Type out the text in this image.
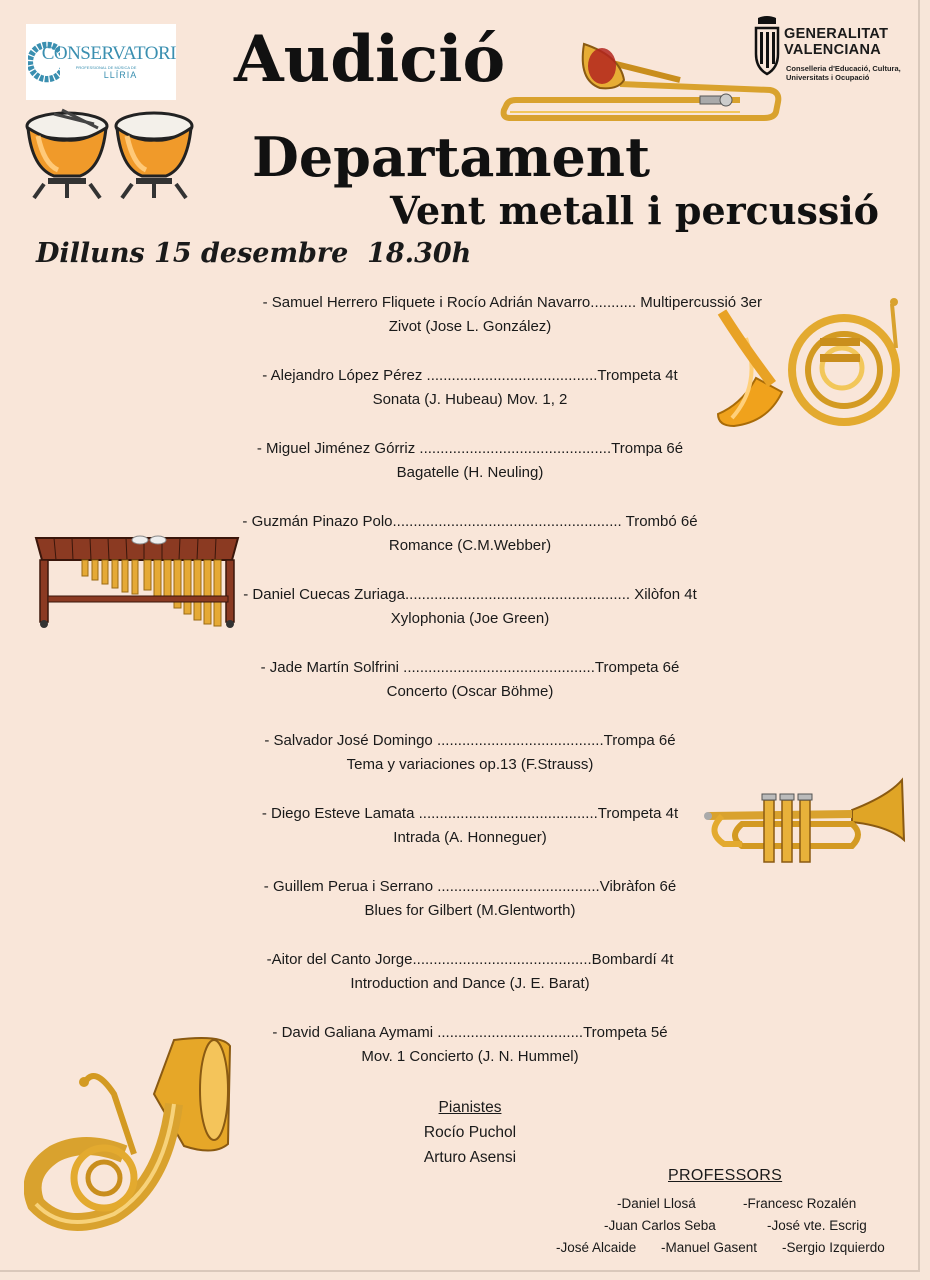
CONSERVATORI
PROFESSIONAL DE MÚSICA DE
LLÍRIA
GENERALITAT
VALENCIANA
Conselleria d'Educació, Cultura,
Universitats i Ocupació
Audició
Departament
Vent metall i percussió
Dilluns 15 desembre  18.30h
- Samuel Herrero Fliquete i Rocío Adrián Navarro........... Multipercussió 3er
Zivot (Jose L. González)
- Alejandro López Pérez .........................................Trompeta 4t
Sonata (J. Hubeau) Mov. 1, 2
- Miguel Jiménez Górriz ..............................................Trompa 6é
Bagatelle (H. Neuling)
- Guzmán Pinazo Polo....................................................... Trombó 6é
Romance (C.M.Webber)
- Daniel Cuecas Zuriaga...................................................... Xilòfon 4t
Xylophonia (Joe Green)
- Jade Martín Solfrini ..............................................Trompeta 6é
Concerto (Oscar Böhme)
- Salvador José Domingo ........................................Trompa 6é
Tema y variaciones op.13 (F.Strauss)
- Diego Esteve Lamata ...........................................Trompeta 4t
Intrada (A. Honneguer)
- Guillem Perua i Serrano .......................................Vibràfon 6é
Blues for Gilbert (M.Glentworth)
-Aitor del Canto Jorge...........................................Bombardí 4t
Introduction and Dance (J. E. Barat)
- David Galiana Aymami ...................................Trompeta 5é
Mov. 1 Concierto (J. N. Hummel)
Pianistes
Rocío Puchol
Arturo Asensi
PROFESSORS
-Daniel Llosá	-Francesc Rozalén
-Juan Carlos Seba	-José vte. Escrig
-José Alcaide -Manuel Gasent -Sergio Izquierdo
